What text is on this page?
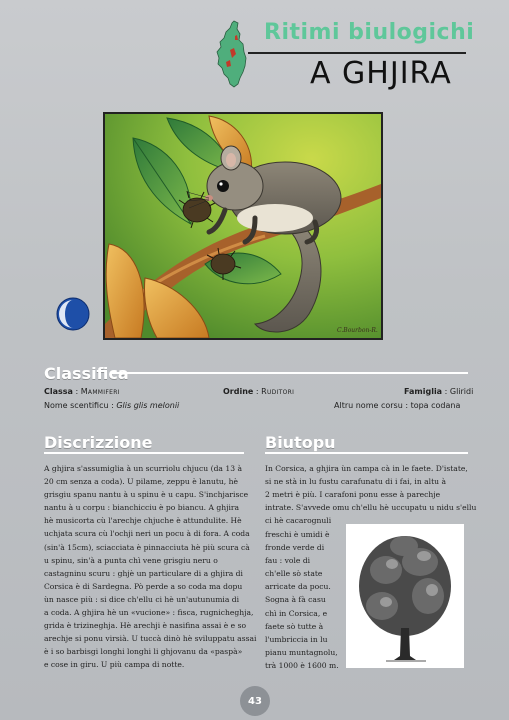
Ritimi biulogichi
A GHJIRA
C.Bourbon-R.
Classifica
Classa : Mammiferi	Ordine : Ruditori	Famiglia : Gliridi
Nome scentificu : Glis glis melonii	Altru nome corsu : topa codana
Discrizzione
A ghjira s'assumiglia à un scurriolu chjucu (da 13 à
20 cm senza a coda). U pilame, zeppu è lanutu, hè
grisgiu spanu nantu à u spinu è u capu. S'inchjarisce
nantu à u corpu : bianchicciu è po biancu. A ghjira
hè musicorta cù l'arechje chjuche è attundulite. Hè
uchjata scura cù l'ochji neri un pocu à di fora. A coda
(sin'à 15cm), sciacciata è pinnacciuta hè più scura cà
u spinu, sin'à a punta chì vene grisgiu neru o
castagninu scuru : ghjè un particulare di a ghjira di
Corsica è di Sardegna. Pò perde a so coda ma dopu
ùn nasce più : si dice ch'ellu ci hè un'autunumia di
a coda. A ghjira hè un «vucione» : fisca, rugnicheghja,
grida è trizineghja. Hè arechji è nasifina assai è e so
arechje si ponu virsià. U tuccà dinò hè sviluppatu assai
è i so barbisgi longhi longhi li ghjovanu da «paspà»
e cose in giru. U più campa di notte.
Biutopu
In Corsica, a ghjira ùn campa cà in le faete. D'istate,
si ne stà in lu fustu carafunatu di i fai, in altu à
2 metri è più. I carafoni ponu esse à parechje
intrate. S'avvede omu ch'ellu hè uccupatu u nidu s'ellu
ci hè cacarognuli
freschi è umidi è
fronde verde di
fau : vole di
ch'elle sò state
arricate da pocu.
Sogna à fà casu
chì in Corsica, e
faete sò tutte à
l'umbriccia in lu
pianu muntagnolu,
trà 1000 è 1600 m.
43
